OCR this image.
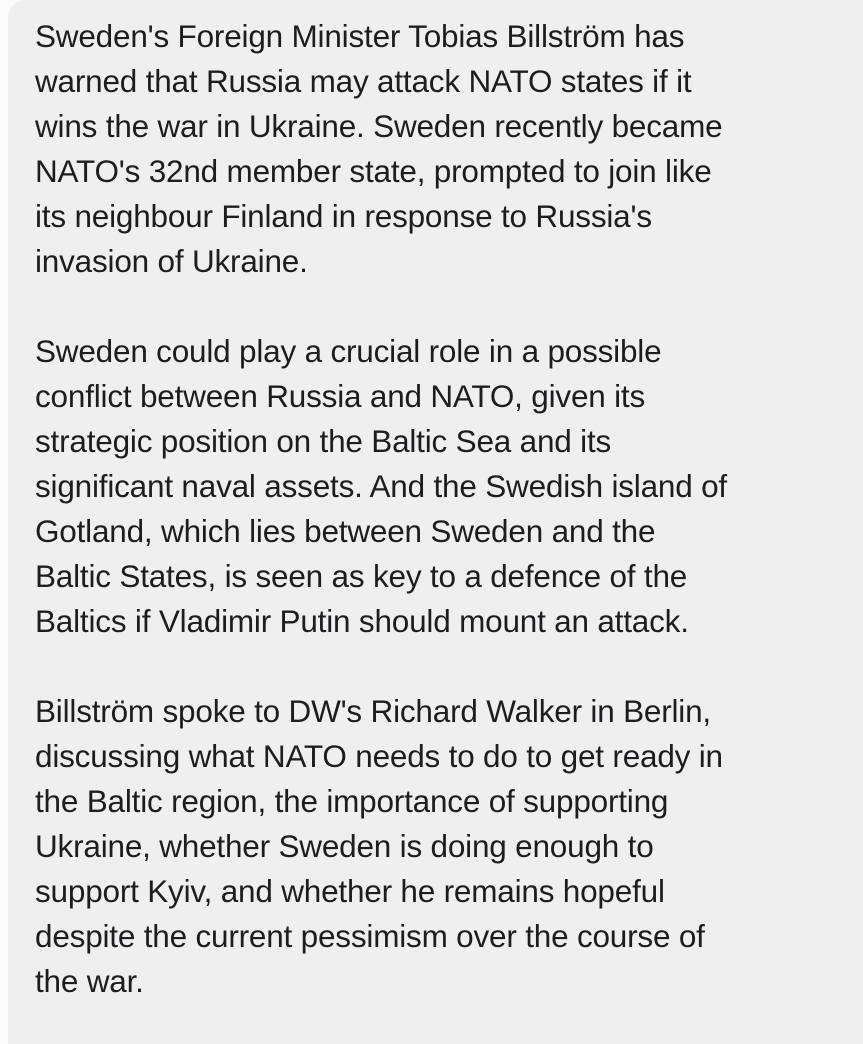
Sweden's Foreign Minister Tobias Billström has
warned that Russia may attack NATO states if it
wins the war in Ukraine. Sweden recently became
NATO's 32nd member state, prompted to join like
its neighbour Finland in response to Russia's
invasion of Ukraine.

Sweden could play a crucial role in a possible
conflict between Russia and NATO, given its
strategic position on the Baltic Sea and its
significant naval assets. And the Swedish island of
Gotland, which lies between Sweden and the
Baltic States, is seen as key to a defence of the
Baltics if Vladimir Putin should mount an attack.

Billström spoke to DW's Richard Walker in Berlin,
discussing what NATO needs to do to get ready in
the Baltic region, the importance of supporting
Ukraine, whether Sweden is doing enough to
support Kyiv, and whether he remains hopeful
despite the current pessimism over the course of
the war.
